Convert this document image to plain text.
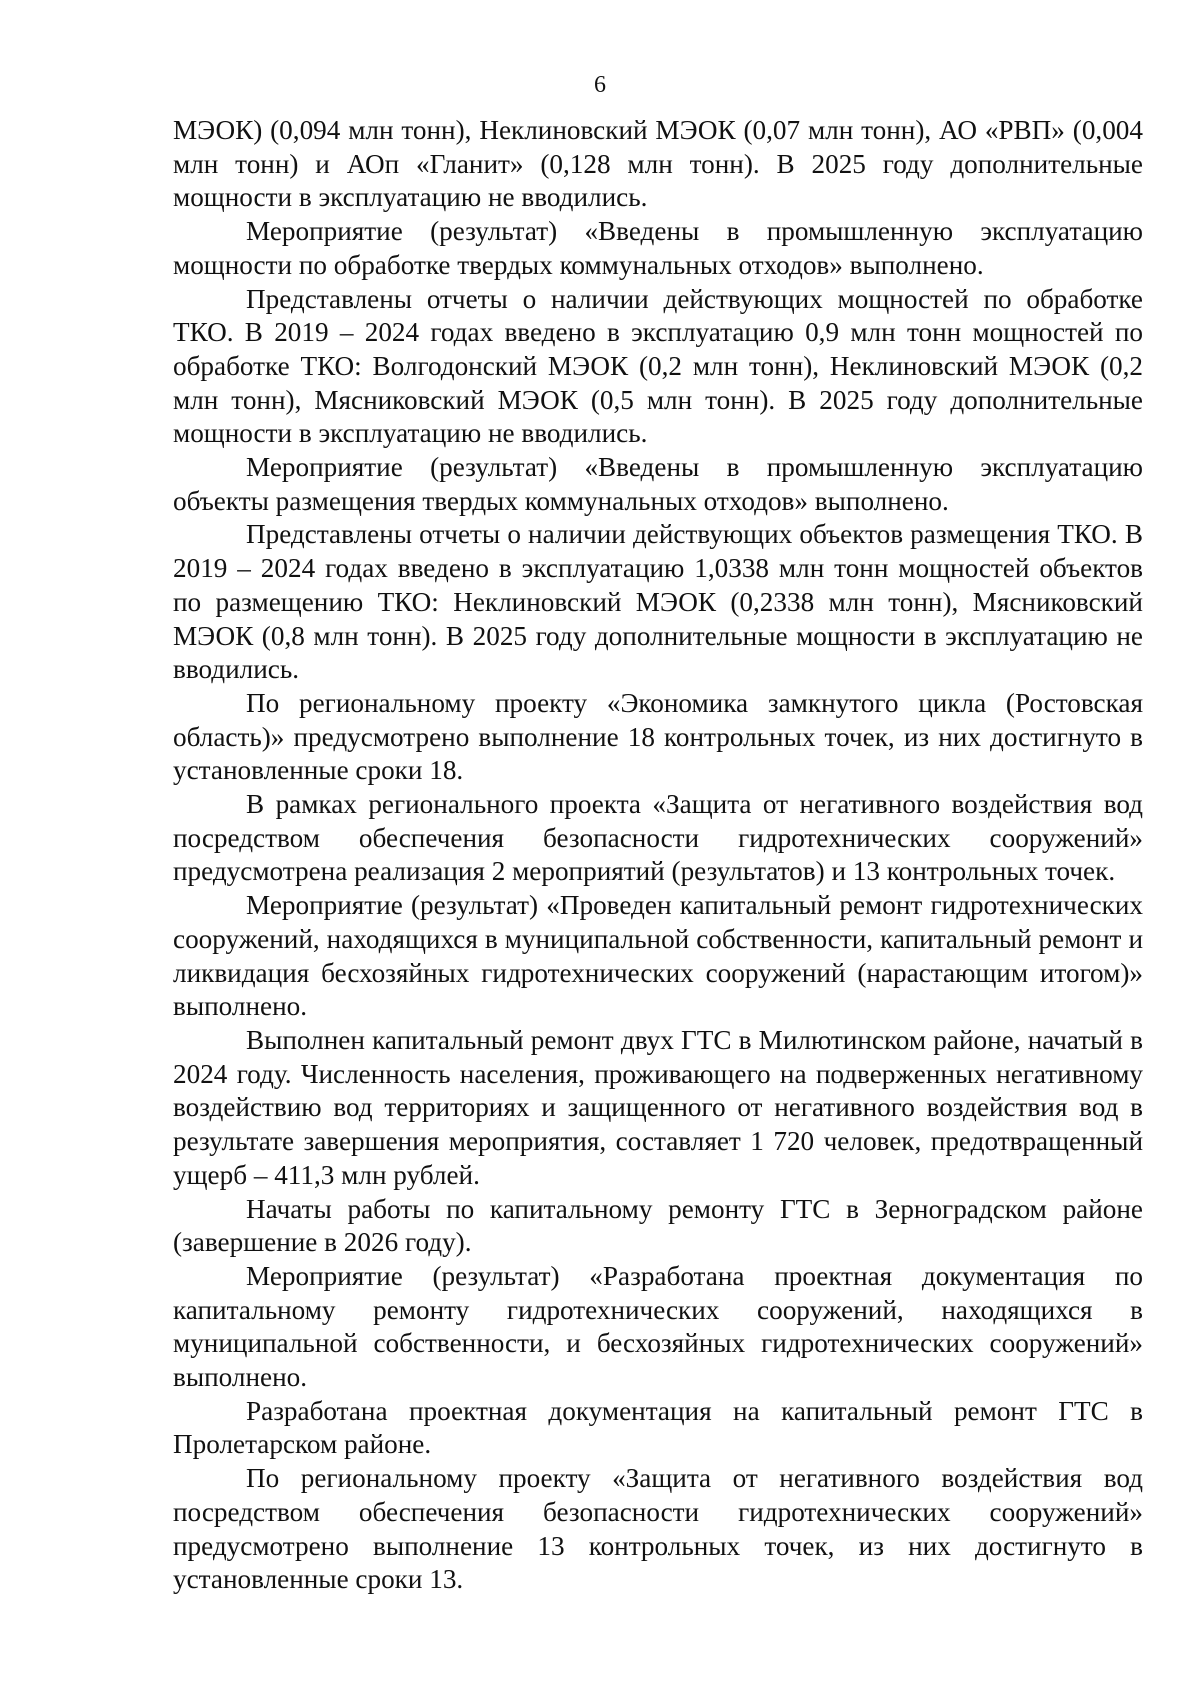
6

МЭОК) (0,094 млн тонн), Неклиновский МЭОК (0,07 млн тонн), АО «РВП» (0,004 млн тонн) и АОп «Гланит» (0,128 млн тонн). В 2025 году дополнительные мощности в эксплуатацию не вводились.

Мероприятие (результат) «Введены в промышленную эксплуатацию мощности по обработке твердых коммунальных отходов» выполнено.

Представлены отчеты о наличии действующих мощностей по обработке ТКО. В 2019 – 2024 годах введено в эксплуатацию 0,9 млн тонн мощностей по обработке ТКО: Волгодонский МЭОК (0,2 млн тонн), Неклиновский МЭОК (0,2 млн тонн), Мясниковский МЭОК (0,5 млн тонн). В 2025 году дополнительные мощности в эксплуатацию не вводились.

Мероприятие (результат) «Введены в промышленную эксплуатацию объекты размещения твердых коммунальных отходов» выполнено.

Представлены отчеты о наличии действующих объектов размещения ТКО. В 2019 – 2024 годах введено в эксплуатацию 1,0338 млн тонн мощностей объектов по размещению ТКО: Неклиновский МЭОК (0,2338 млн тонн), Мясниковский МЭОК (0,8 млн тонн). В 2025 году дополнительные мощности в эксплуатацию не вводились.

По региональному проекту «Экономика замкнутого цикла (Ростовская область)» предусмотрено выполнение 18 контрольных точек, из них достигнуто в установленные сроки 18.

В рамках регионального проекта «Защита от негативного воздействия вод посредством обеспечения безопасности гидротехнических сооружений» предусмотрена реализация 2 мероприятий (результатов) и 13 контрольных точек.

Мероприятие (результат) «Проведен капитальный ремонт гидротехнических сооружений, находящихся в муниципальной собственности, капитальный ремонт и ликвидация бесхозяйных гидротехнических сооружений (нарастающим итогом)» выполнено.

Выполнен капитальный ремонт двух ГТС в Милютинском районе, начатый в 2024 году. Численность населения, проживающего на подверженных негативному воздействию вод территориях и защищенного от негативного воздействия вод в результате завершения мероприятия, составляет 1 720 человек, предотвращенный ущерб – 411,3 млн рублей.

Начаты работы по капитальному ремонту ГТС в Зерноградском районе (завершение в 2026 году).

Мероприятие (результат) «Разработана проектная документация по капитальному ремонту гидротехнических сооружений, находящихся в муниципальной собственности, и бесхозяйных гидротехнических сооружений» выполнено.

Разработана проектная документация на капитальный ремонт ГТС в Пролетарском районе.

По региональному проекту «Защита от негативного воздействия вод посредством обеспечения безопасности гидротехнических сооружений» предусмотрено выполнение 13 контрольных точек, из них достигнуто в установленные сроки 13.
